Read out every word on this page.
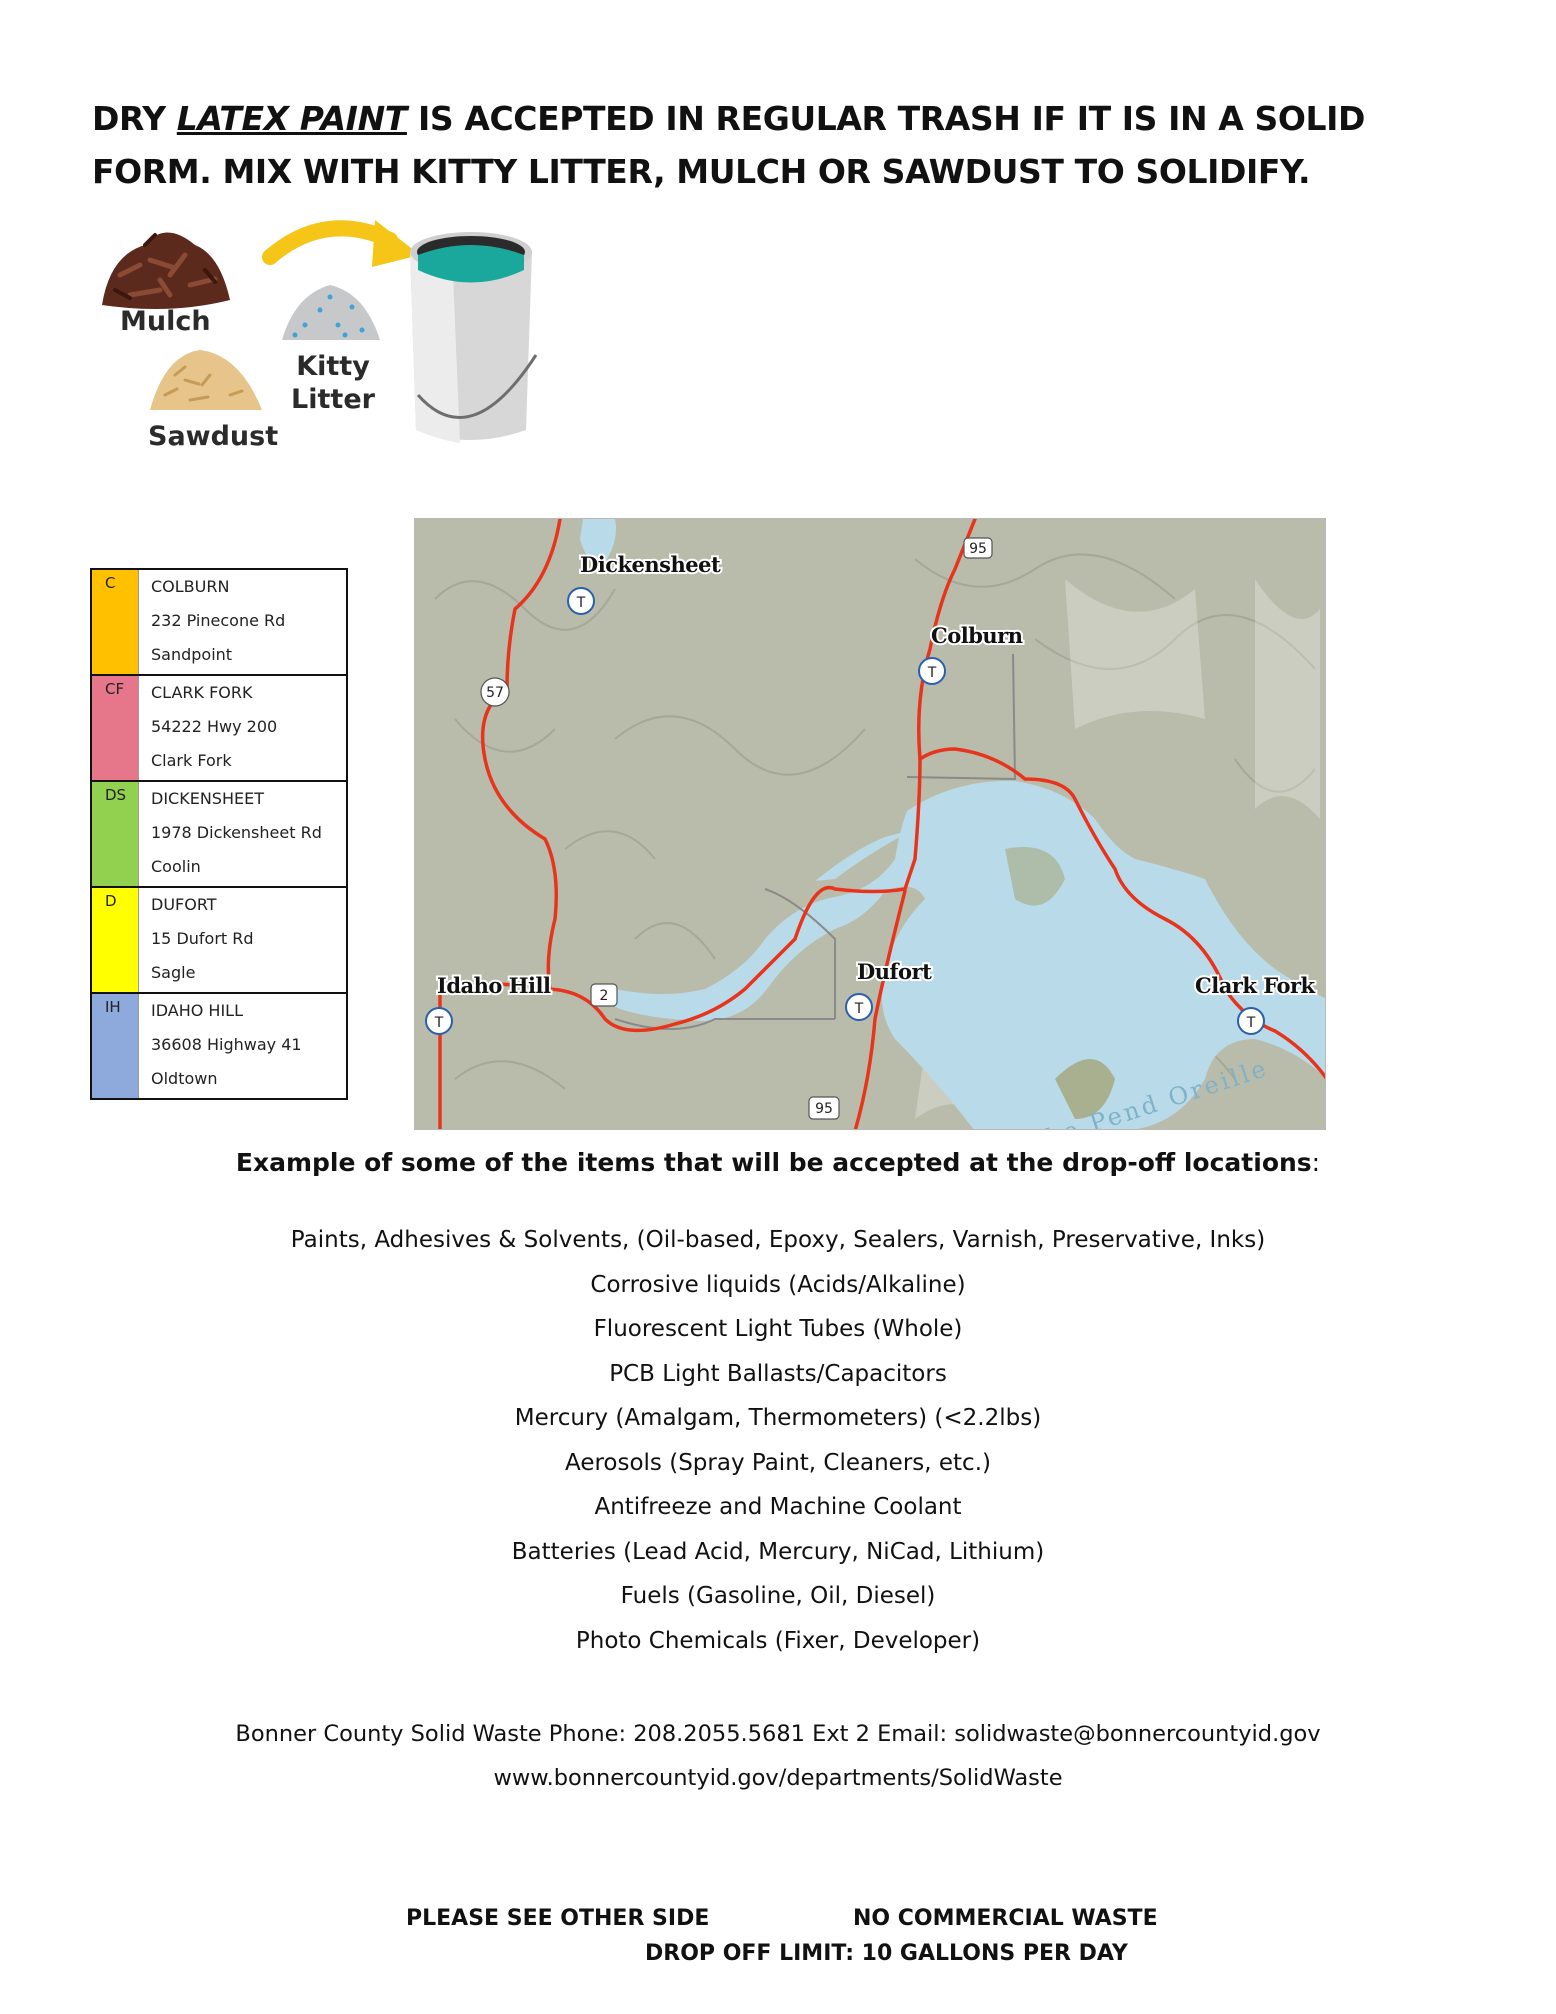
DRY LATEX PAINT IS ACCEPTED IN REGULAR TRASH IF IT IS IN A SOLID FORM. MIX WITH KITTY LITTER, MULCH OR SAWDUST TO SOLIDIFY.

Mulch
Sawdust
Kitty
Litter
C	COLBURN
232 Pinecone Rd
Sandpoint
CF	CLARK FORK
54222 Hwy 200
Clark Fork
DS	DICKENSHEET
1978 Dickensheet Rd
Coolin
D	DUFORT
15 Dufort Rd
Sagle
IH	IDAHO HILL
36608 Highway 41
Oldtown
95
57
2
95
T
Dickensheet
T
Colburn
T
Idaho Hill
T
Dufort
T
Clark Fork
Example of some of the items that will be accepted at the drop-off locations:
Paints, Adhesives & Solvents, (Oil-based, Epoxy, Sealers, Varnish, Preservative, Inks)
Corrosive liquids (Acids/Alkaline)
Fluorescent Light Tubes (Whole)
PCB Light Ballasts/Capacitors
Mercury (Amalgam, Thermometers) (<2.2lbs)
Aerosols (Spray Paint, Cleaners, etc.)
Antifreeze and Machine Coolant
Batteries (Lead Acid, Mercury, NiCad, Lithium)
Fuels (Gasoline, Oil, Diesel)
Photo Chemicals (Fixer, Developer)
Bonner County Solid Waste Phone: 208.2055.5681 Ext 2 Email: solidwaste@bonnercountyid.gov
www.bonnercountyid.gov/departments/SolidWaste
PLEASE SEE OTHER SIDE	NO COMMERCIAL WASTE
DROP OFF LIMIT: 10 GALLONS PER DAY
